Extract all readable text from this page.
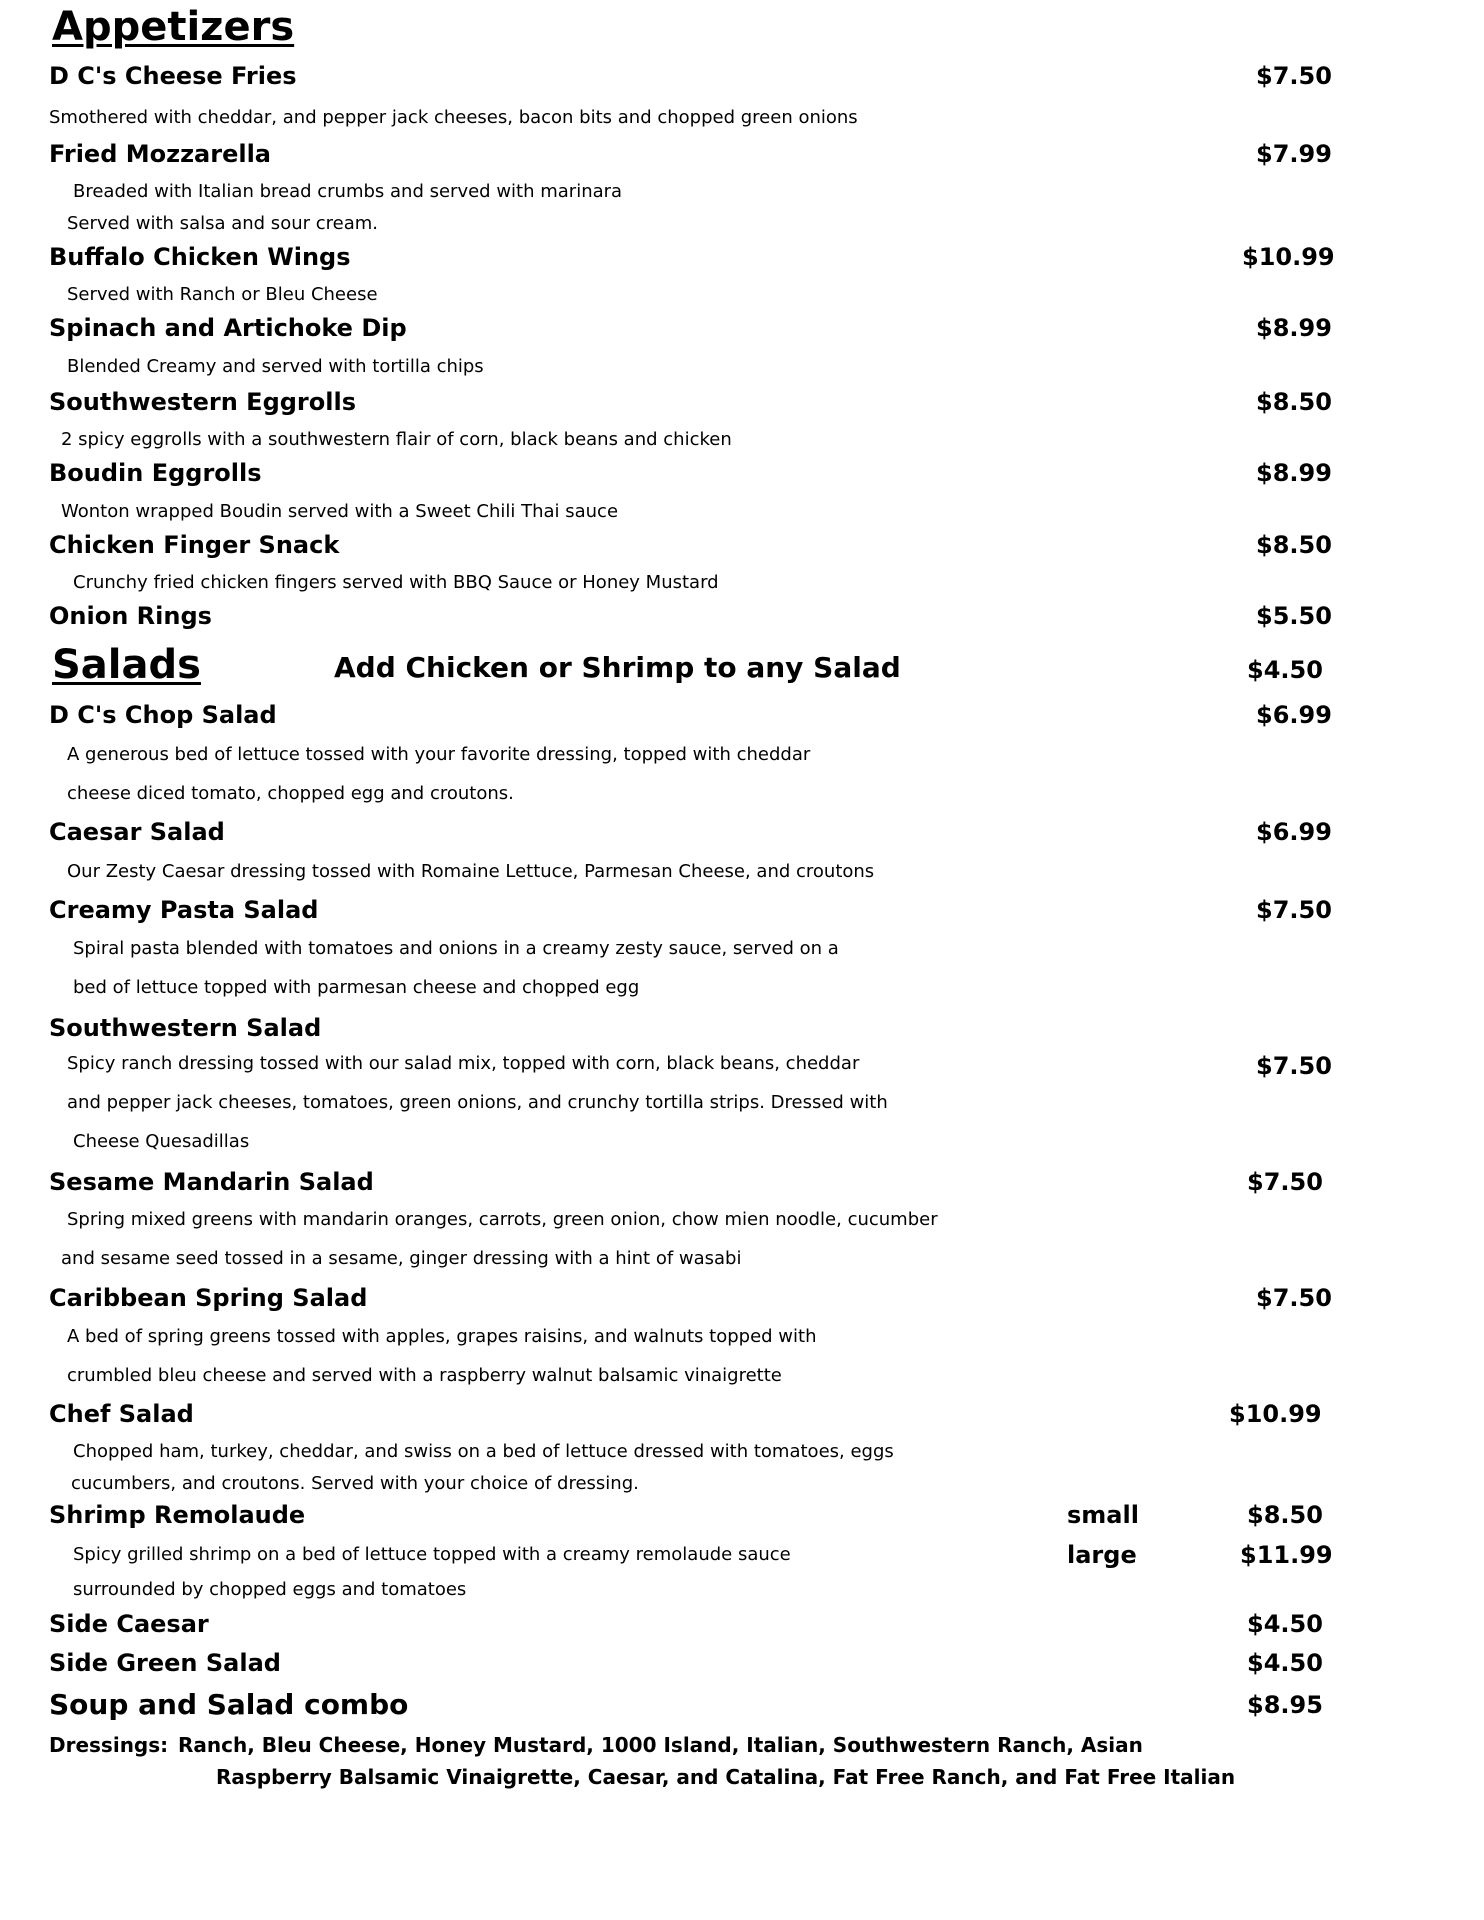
Appetizers
D C's Cheese Fries	$7.50
Smothered with cheddar, and pepper jack cheeses, bacon bits and chopped green onions
Fried Mozzarella	$7.99
Breaded with Italian bread crumbs and served with marinara
Served with salsa and sour cream.
Buffalo Chicken Wings	$10.99
Served with Ranch or Bleu Cheese
Spinach and Artichoke Dip	$8.99
Blended Creamy and served with tortilla chips
Southwestern Eggrolls	$8.50
2 spicy eggrolls with a southwestern flair of corn, black beans and chicken
Boudin Eggrolls	$8.99
Wonton wrapped Boudin served with a Sweet Chili Thai sauce
Chicken Finger Snack	$8.50
Crunchy fried chicken fingers served with BBQ Sauce or Honey Mustard
Onion Rings	$5.50
Salads	Add Chicken or Shrimp to any Salad	$4.50
D C's Chop Salad	$6.99
A generous bed of lettuce tossed with your favorite dressing, topped with cheddar
cheese diced tomato, chopped egg and croutons.
Caesar Salad	$6.99
Our Zesty Caesar dressing tossed with Romaine Lettuce, Parmesan Cheese, and croutons
Creamy Pasta Salad	$7.50
Spiral pasta blended with tomatoes and onions in a creamy zesty sauce, served on a
bed of lettuce topped with parmesan cheese and chopped egg
Southwestern Salad
Spicy ranch dressing tossed with our salad mix, topped with corn, black beans, cheddar	$7.50
and pepper jack cheeses, tomatoes, green onions, and crunchy tortilla strips. Dressed with
Cheese Quesadillas
Sesame Mandarin Salad	$7.50
Spring mixed greens with mandarin oranges, carrots, green onion, chow mien noodle, cucumber
and sesame seed tossed in a sesame, ginger dressing with a hint of wasabi
Caribbean Spring Salad	$7.50
A bed of spring greens tossed with apples, grapes raisins, and walnuts topped with
crumbled bleu cheese and served with a raspberry walnut balsamic vinaigrette
Chef Salad	$10.99
Chopped ham, turkey, cheddar, and swiss on a bed of lettuce dressed with tomatoes, eggs
cucumbers, and croutons. Served with your choice of dressing.
Shrimp Remolaude	small	$8.50
Spicy grilled shrimp on a bed of lettuce topped with a creamy remolaude sauce	large	$11.99
surrounded by chopped eggs and tomatoes
Side Caesar	$4.50
Side Green Salad	$4.50
Soup and Salad combo	$8.95
Dressings: Ranch, Bleu Cheese, Honey Mustard, 1000 Island, Italian, Southwestern Ranch, Asian
Raspberry Balsamic Vinaigrette, Caesar, and Catalina, Fat Free Ranch, and Fat Free Italian
